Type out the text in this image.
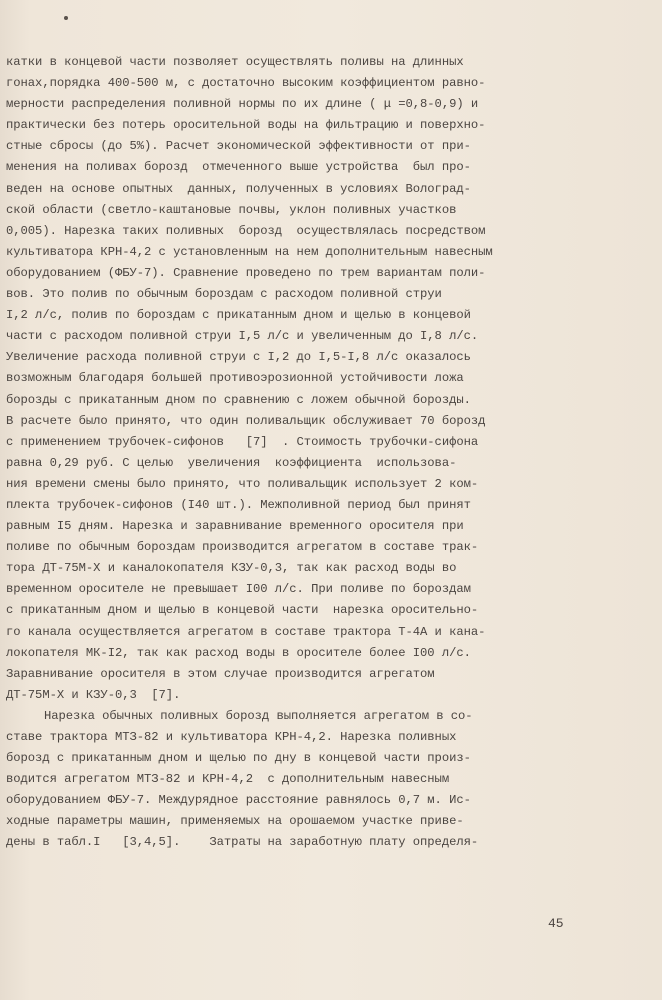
катки в концевой части позволяет осуществлять поливы на длинных
гонах,порядка 400-500 м, с достаточно высоким коэффициентом равно-
мерности распределения поливной нормы по их длине ( μ =0,8-0,9) и
практически без потерь оросительной воды на фильтрацию и поверхно-
стные сбросы (до 5%). Расчет экономической эффективности от при-
менения на поливах борозд  отмеченного выше устройства  был про-
веден на основе опытных  данных, полученных в условиях Волоград-
ской области (светло-каштановые почвы, уклон поливных участков
0,005). Нарезка таких поливных  борозд  осуществлялась посредством
культиватора КРН-4,2 с установленным на нем дополнительным навесным
оборудованием (ФБУ-7). Сравнение проведено по трем вариантам поли-
вов. Это полив по обычным бороздам с расходом поливной струи
I,2 л/с, полив по бороздам с прикатанным дном и щелью в концевой
части с расходом поливной струи I,5 л/с и увеличенным до I,8 л/с.
Увеличение расхода поливной струи с I,2 до I,5-I,8 л/с оказалось
возможным благодаря большей противоэрозионной устойчивости ложа
борозды с прикатанным дном по сравнению с ложем обычной борозды.
В расчете было принято, что один поливальщик обслуживает 70 борозд
с применением трубочек-сифонов   [7]  . Стоимость трубочки-сифона
равна 0,29 руб. С целью  увеличения  коэффициента  использова-
ния времени смены было принято, что поливальщик использует 2 ком-
плекта трубочек-сифонов (I40 шт.). Межполивной период был принят
равным I5 дням. Нарезка и заравнивание временного оросителя при
поливе по обычным бороздам производится агрегатом в составе трак-
тора ДТ-75М-Х и каналокопателя КЗУ-0,3, так как расход воды во
временном оросителе не превышает I00 л/с. При поливе по бороздам
с прикатанным дном и щелью в концевой части  нарезка оросительно-
го канала осуществляется агрегатом в составе трактора Т-4А и кана-
локопателя МК-I2, так как расход воды в оросителе более I00 л/с.
Заравнивание оросителя в этом случае производится агрегатом
ДТ-75М-Х и КЗУ-0,3  [7].
Нарезка обычных поливных борозд выполняется агрегатом в со-
ставе трактора МТЗ-82 и культиватора КРН-4,2. Нарезка поливных
борозд с прикатанным дном и щелью по дну в концевой части произ-
водится агрегатом МТЗ-82 и КРН-4,2  с дополнительным навесным
оборудованием ФБУ-7. Междурядное расстояние равнялось 0,7 м. Ис-
ходные параметры машин, применяемых на орошаемом участке приве-
дены в табл.I   [3,4,5].    Затраты на заработную плату определя-
45
